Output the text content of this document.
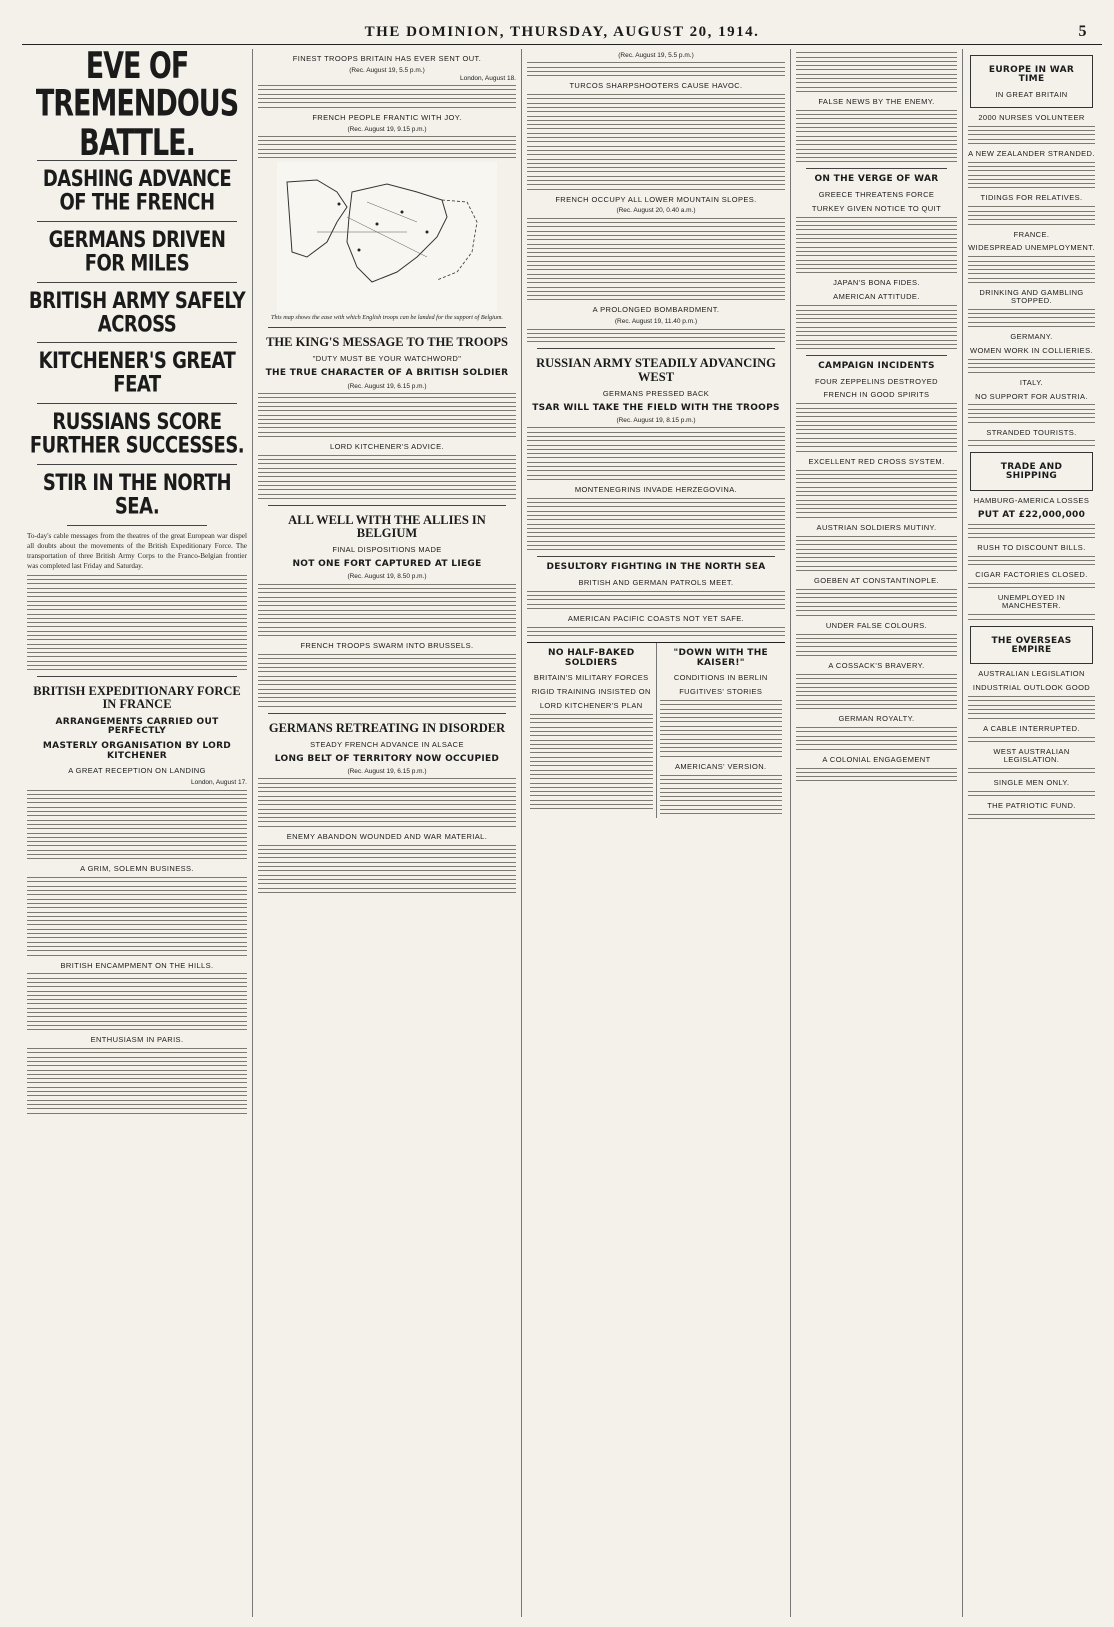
THE DOMINION, THURSDAY, AUGUST 20, 1914.	5
EVE OF TREMENDOUS BATTLE.
DASHING ADVANCE OF THE FRENCH
GERMANS DRIVEN FOR MILES
BRITISH ARMY SAFELY ACROSS
KITCHENER'S GREAT FEAT
RUSSIANS SCORE FURTHER SUCCESSES.
STIR IN THE NORTH SEA.

To-day's cable messages from the theatres of the great European war dispel all doubts about the movements of the British Expeditionary Force. The transportation of three British Army Corps to the Franco-Belgian frontier was completed last Friday and Saturday.

BRITISH EXPEDITIONARY FORCE IN FRANCE
ARRANGEMENTS CARRIED OUT PERFECTLY
MASTERLY ORGANISATION BY LORD KITCHENER
A GREAT RECEPTION ON LANDING
London, August 17.
A GRIM, SOLEMN BUSINESS.
BRITISH ENCAMPMENT ON THE HILLS.
ENTHUSIASM IN PARIS.
FINEST TROOPS BRITAIN HAS EVER SENT OUT.
(Rec. August 19, 5.5 p.m.)
London, August 18.
FRENCH PEOPLE FRANTIC WITH JOY.
(Rec. August 19, 9.15 p.m.)
This map shows the ease with which English troops can be landed for the support of Belgium.
THE KING'S MESSAGE TO THE TROOPS
"DUTY MUST BE YOUR WATCHWORD"
THE TRUE CHARACTER OF A BRITISH SOLDIER
(Rec. August 19, 6.15 p.m.)
LORD KITCHENER'S ADVICE.
ALL WELL WITH THE ALLIES IN BELGIUM
FINAL DISPOSITIONS MADE
NOT ONE FORT CAPTURED AT LIEGE
(Rec. August 19, 8.50 p.m.)
FRENCH TROOPS SWARM INTO BRUSSELS.
GERMANS RETREATING IN DISORDER
STEADY FRENCH ADVANCE IN ALSACE
LONG BELT OF TERRITORY NOW OCCUPIED
(Rec. August 19, 6.15 p.m.)
ENEMY ABANDON WOUNDED AND WAR MATERIAL.
(Rec. August 19, 5.5 p.m.)
TURCOS SHARPSHOOTERS CAUSE HAVOC.
FRENCH OCCUPY ALL LOWER MOUNTAIN SLOPES.
(Rec. August 20, 0.40 a.m.)
A PROLONGED BOMBARDMENT.
(Rec. August 19, 11.40 p.m.)
RUSSIAN ARMY STEADILY ADVANCING WEST
GERMANS PRESSED BACK
TSAR WILL TAKE THE FIELD WITH THE TROOPS
(Rec. August 19, 8.15 p.m.)
MONTENEGRINS INVADE HERZEGOVINA.
DESULTORY FIGHTING IN THE NORTH SEA
BRITISH AND GERMAN PATROLS MEET.
AMERICAN PACIFIC COASTS NOT YET SAFE.
NO HALF-BAKED SOLDIERS
BRITAIN'S MILITARY FORCES
RIGID TRAINING INSISTED ON
LORD KITCHENER'S PLAN
"DOWN WITH THE KAISER!"
CONDITIONS IN BERLIN
FUGITIVES' STORIES
AMERICANS' VERSION.
FALSE NEWS BY THE ENEMY.
ON THE VERGE OF WAR
GREECE THREATENS FORCE
TURKEY GIVEN NOTICE TO QUIT
JAPAN'S BONA FIDES.
AMERICAN ATTITUDE.
CAMPAIGN INCIDENTS
FOUR ZEPPELINS DESTROYED
FRENCH IN GOOD SPIRITS
EXCELLENT RED CROSS SYSTEM.
AUSTRIAN SOLDIERS MUTINY.
GOEBEN AT CONSTANTINOPLE.
UNDER FALSE COLOURS.
A COSSACK'S BRAVERY.
GERMAN ROYALTY.
A COLONIAL ENGAGEMENT
EUROPE IN WAR TIME
IN GREAT BRITAIN
2000 NURSES VOLUNTEER
A NEW ZEALANDER STRANDED.
TIDINGS FOR RELATIVES.
FRANCE.
WIDESPREAD UNEMPLOYMENT.
DRINKING AND GAMBLING STOPPED.
GERMANY.
WOMEN WORK IN COLLIERIES.
ITALY.
NO SUPPORT FOR AUSTRIA.
STRANDED TOURISTS.
TRADE AND SHIPPING
HAMBURG-AMERICA LOSSES
PUT AT £22,000,000
RUSH TO DISCOUNT BILLS.
CIGAR FACTORIES CLOSED.
UNEMPLOYED IN MANCHESTER.
THE OVERSEAS EMPIRE
AUSTRALIAN LEGISLATION
INDUSTRIAL OUTLOOK GOOD
A CABLE INTERRUPTED.
WEST AUSTRALIAN LEGISLATION.
SINGLE MEN ONLY.
THE PATRIOTIC FUND.
